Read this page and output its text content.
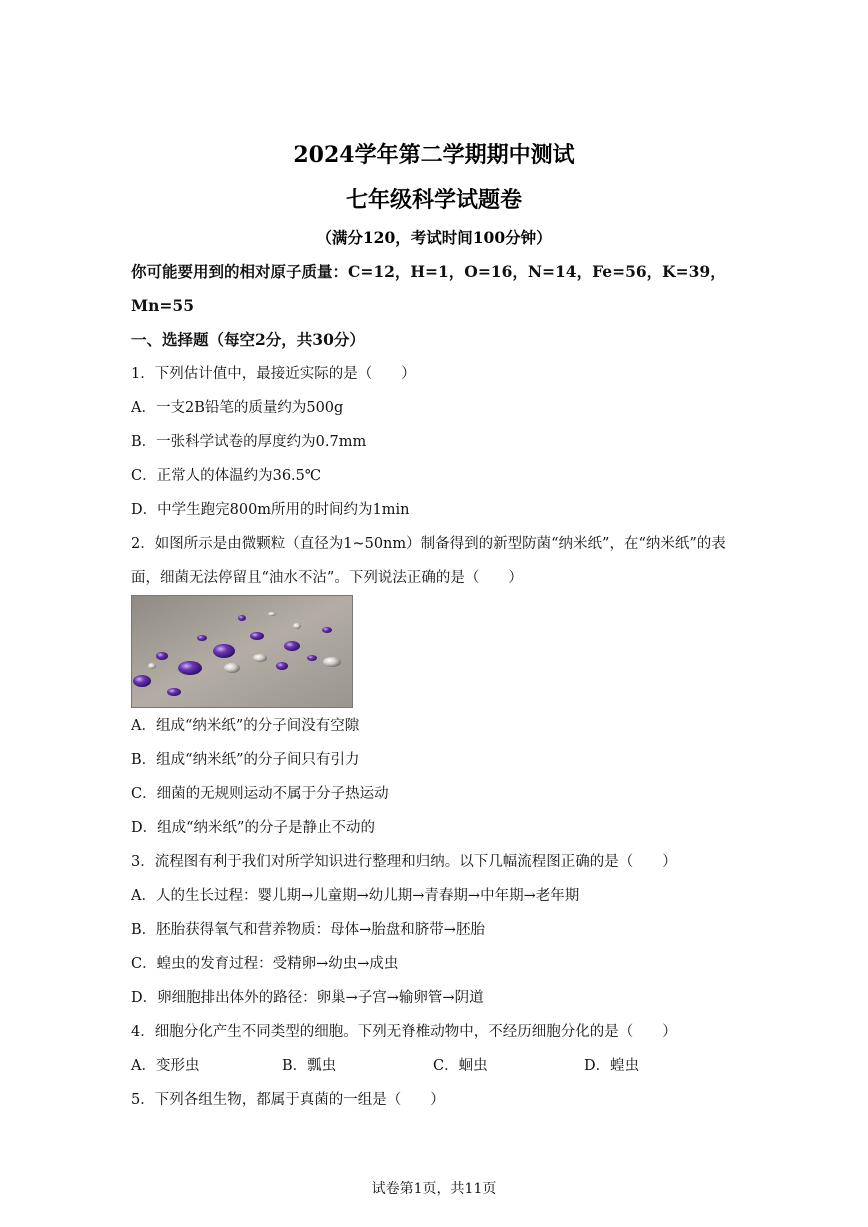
2024学年第二学期期中测试
七年级科学试题卷
（满分120，考试时间100分钟）
你可能要用到的相对原子质量：C=12，H=1，O=16，N=14，Fe=56，K=39，
Mn=55
一、选择题（每空2分，共30分）
1．下列估计值中，最接近实际的是（　　）
A．一支2B铅笔的质量约为500g
B．一张科学试卷的厚度约为0.7mm
C．正常人的体温约为36.5℃
D．中学生跑完800m所用的时间约为1min
2．如图所示是由微颗粒（直径为1~50nm）制备得到的新型防菌“纳米纸”，在“纳米纸”的表
面，细菌无法停留且“油水不沾”。下列说法正确的是（　　）
A．组成“纳米纸”的分子间没有空隙
B．组成“纳米纸”的分子间只有引力
C．细菌的无规则运动不属于分子热运动
D．组成“纳米纸”的分子是静止不动的
3．流程图有利于我们对所学知识进行整理和归纳。以下几幅流程图正确的是（　　）
A．人的生长过程：婴儿期→儿童期→幼儿期→青春期→中年期→老年期
B．胚胎获得氧气和营养物质：母体→胎盘和脐带→胚胎
C．蝗虫的发育过程：受精卵→幼虫→成虫
D．卵细胞排出体外的路径：卵巢→子宫→输卵管→阴道
4．细胞分化产生不同类型的细胞。下列无脊椎动物中，不经历细胞分化的是（　　）
A．变形虫	B．瓢虫	C．蛔虫	D．蝗虫
5．下列各组生物，都属于真菌的一组是（　　）
试卷第1页，共11页
